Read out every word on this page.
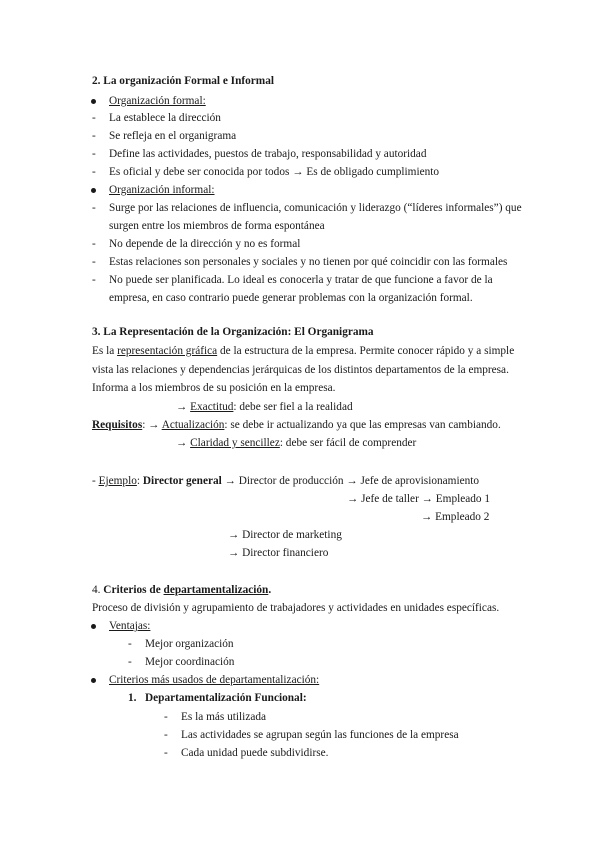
2. La organización Formal e Informal
Organización formal:
- La establece la dirección
- Se refleja en el organigrama
- Define las actividades, puestos de trabajo, responsabilidad y autoridad
- Es oficial y debe ser conocida por todos → Es de obligado cumplimiento
Organización informal:
- Surge por las relaciones de influencia, comunicación y liderazgo (“líderes informales”) que
surgen entre los miembros de forma espontánea
- No depende de la dirección y no es formal
- Estas relaciones son personales y sociales y no tienen por qué coincidir con las formales
- No puede ser planificada. Lo ideal es conocerla y tratar de que funcione a favor de la
empresa, en caso contrario puede generar problemas con la organización formal.
3. La Representación de la Organización: El Organigrama
Es la representación gráfica de la estructura de la empresa. Permite conocer rápido y a simple
vista las relaciones y dependencias jerárquicas de los distintos departamentos de la empresa.
Informa a los miembros de su posición en la empresa.
→ Exactitud: debe ser fiel a la realidad
Requisitos: → Actualización: se debe ir actualizando ya que las empresas van cambiando.
→ Claridad y sencillez: debe ser fácil de comprender
- Ejemplo: Director general → Director de producción → Jefe de aprovisionamiento
→ Jefe de taller → Empleado 1
→ Empleado 2
→ Director de marketing
→ Director financiero
4. Criterios de departamentalización.
Proceso de división y agrupamiento de trabajadores y actividades en unidades específicas.
Ventajas:
- Mejor organización
- Mejor coordinación
Criterios más usados de departamentalización:
1. Departamentalización Funcional:
- Es la más utilizada
- Las actividades se agrupan según las funciones de la empresa
- Cada unidad puede subdividirse.
